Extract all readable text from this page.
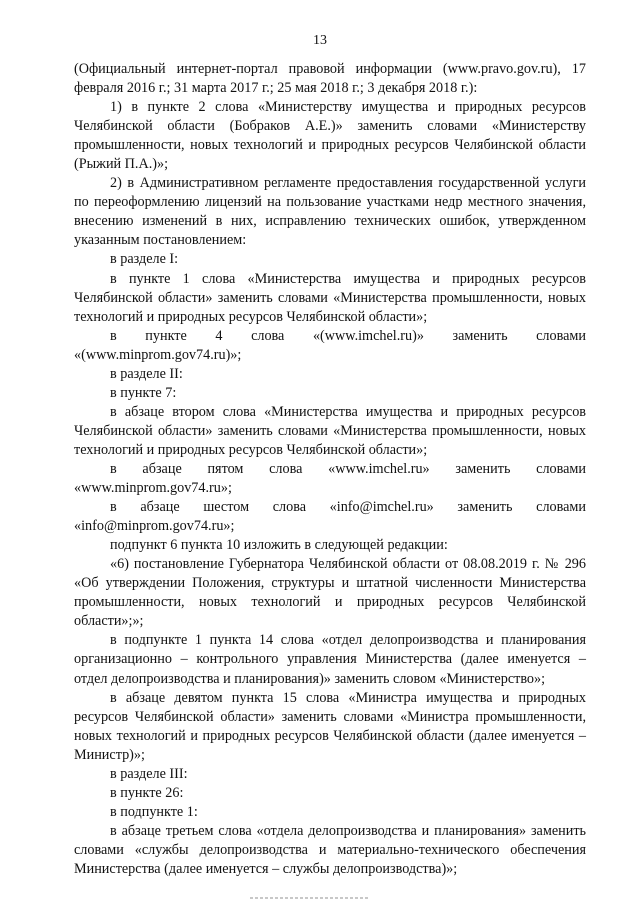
13

(Официальный интернет-портал правовой информации (www.pravo.gov.ru), 17 февраля 2016 г.; 31 марта 2017 г.; 25 мая 2018 г.; 3 декабря 2018 г.):

1) в пункте 2 слова «Министерству имущества и природных ресурсов Челябинской области (Бобраков А.Е.)» заменить словами «Министерству промышленности, новых технологий и природных ресурсов Челябинской области (Рыжий П.А.)»;

2) в Административном регламенте предоставления государственной услуги по переоформлению лицензий на пользование участками недр местного значения, внесению изменений в них, исправлению технических ошибок, утвержденном указанным постановлением:

в разделе I:

в пункте 1 слова «Министерства имущества и природных ресурсов Челябинской области» заменить словами «Министерства промышленности, новых технологий и природных ресурсов Челябинской области»;

в пункте 4 слова «(www.imchel.ru)» заменить словами «(www.minprom.gov74.ru)»;

в разделе II:

в пункте 7:

в абзаце втором слова «Министерства имущества и природных ресурсов Челябинской области» заменить словами «Министерства промышленности, новых технологий и природных ресурсов Челябинской области»;

в абзаце пятом слова «www.imchel.ru» заменить словами «www.minprom.gov74.ru»;

в абзаце шестом слова «info@imchel.ru» заменить словами «info@minprom.gov74.ru»;

подпункт 6 пункта 10 изложить в следующей редакции:

«6) постановление Губернатора Челябинской области от 08.08.2019 г. № 296 «Об утверждении Положения, структуры и штатной численности Министерства промышленности, новых технологий и природных ресурсов Челябинской области»;»;

в подпункте 1 пункта 14 слова «отдел делопроизводства и планирования организационно – контрольного управления Министерства (далее именуется – отдел делопроизводства и планирования)» заменить словом «Министерство»;

в абзаце девятом пункта 15 слова «Министра имущества и природных ресурсов Челябинской области» заменить словами «Министра промышленности, новых технологий и природных ресурсов Челябинской области (далее именуется – Министр)»;

в разделе III:

в пункте 26:

в подпункте 1:

в абзаце третьем слова «отдела делопроизводства и планирования» заменить словами «службы делопроизводства и материально-технического обеспечения Министерства (далее именуется – службы делопроизводства)»;
